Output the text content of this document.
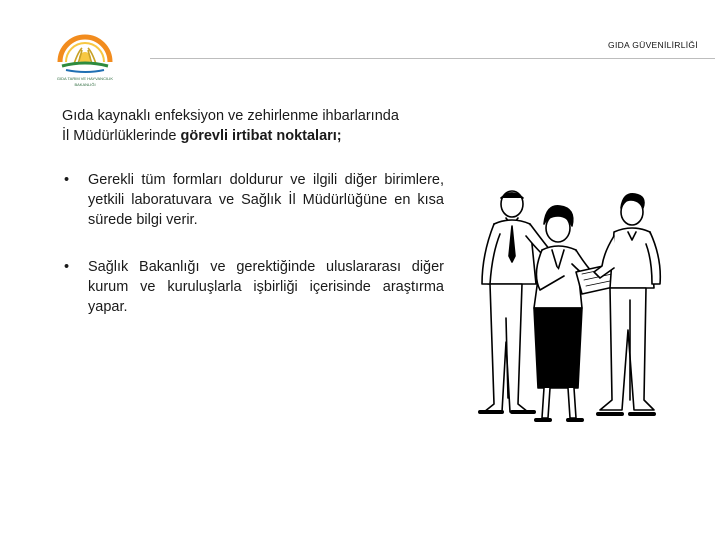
GIDA TARIM VE HAYVANCILIK
BAKANLIĞI
GIDA GÜVENİLİRLİĞİ
Gıda kaynaklı enfeksiyon ve zehirlenme ihbarlarında
İl Müdürlüklerinde görevli irtibat noktaları;
• Gerekli tüm formları doldurur ve ilgili diğer birimlere, yetkili laboratuvara ve Sağlık İl Müdürlüğüne en kısa sürede bilgi verir.
• Sağlık Bakanlığı ve gerektiğinde uluslararası diğer kurum ve kuruluşlarla işbirliği içerisinde araştırma yapar.
